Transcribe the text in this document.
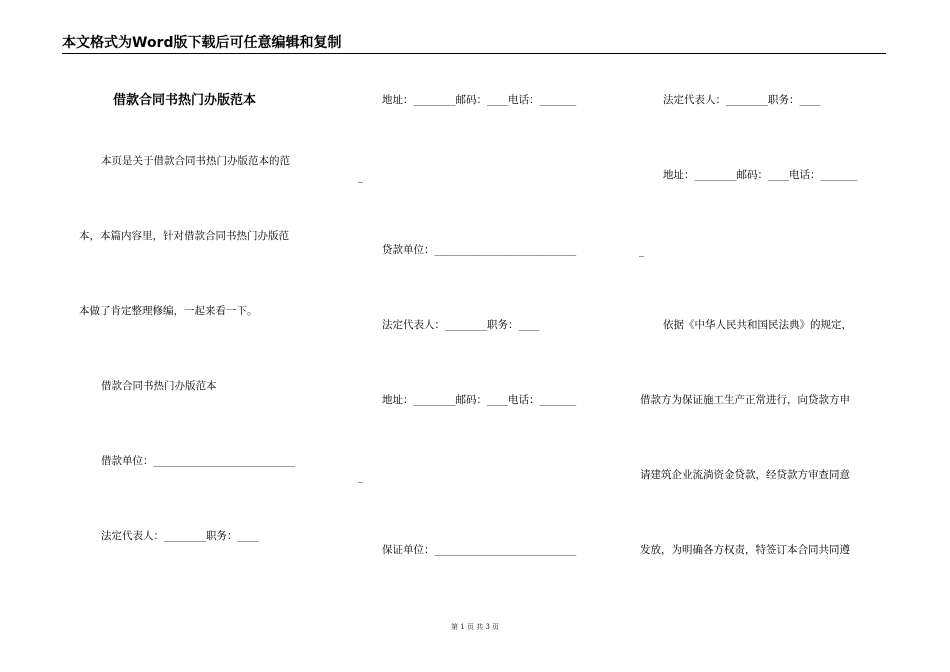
本文格式为Word版下载后可任意编辑和复制
借款合同书热门办版范本
本页是关于借款合同书热门办版范本的范
本，本篇内容里，针对借款合同书热门办版范
本做了肯定整理修编，一起来看一下。
借款合同书热门办版范本
借款单位：___________________________
法定代表人：________职务：____
_
_
地址：________邮码：____电话：_______
贷款单位：___________________________
法定代表人：________职务：____
地址：________邮码：____电话：_______
保证单位：___________________________
_
法定代表人：________职务：____
地址：________邮码：____电话：_______
依据《中华人民共和国民法典》的规定，
借款方为保证施工生产正常进行，向贷款方申
请建筑企业流淌资金贷款，经贷款方审查同意
发放，为明确各方权责，特签订本合同共同遵
第 1 页 共 3 页
